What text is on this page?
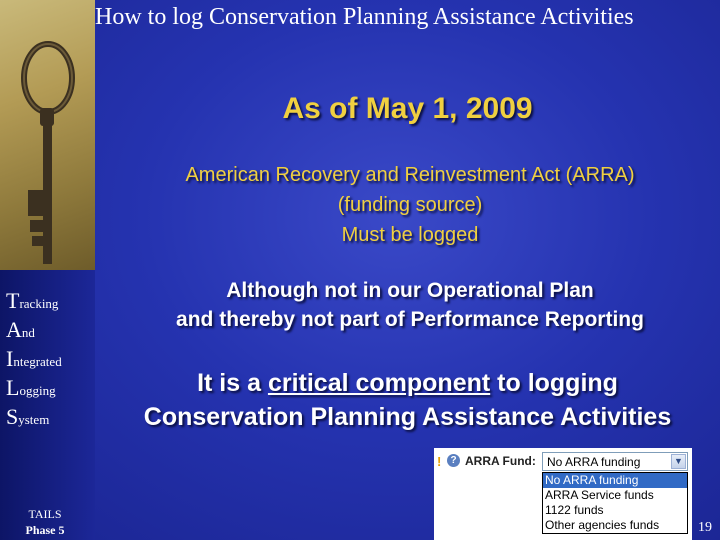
How to log Conservation Planning Assistance Activities
As of May 1, 2009
American Recovery and Reinvestment Act (ARRA)
(funding source)
Must be logged
Although not in our Operational Plan
and thereby not part of Performance Reporting
It is a critical component to logging
Conservation Planning Assistance Activities
Tracking
And
Integrated
Logging
System
TAILS
Phase 5
! ? ARRA Fund: No ARRA funding	▼
No ARRA funding
ARRA Service funds
1122 funds
Other agencies funds	19
